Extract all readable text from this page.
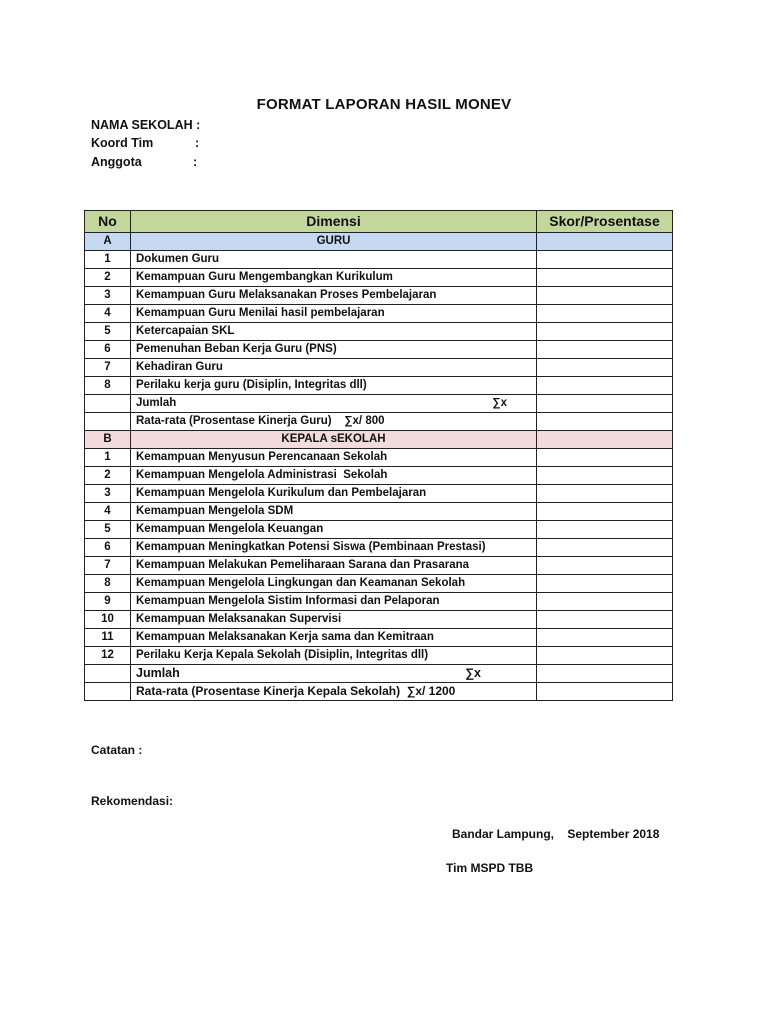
FORMAT LAPORAN HASIL MONEV
NAMA SEKOLAH :
Koord Tim	:
Anggota	:
No	Dimensi	Skor/Prosentase
A	GURU	
1	Dokumen Guru	
2	Kemampuan Guru Mengembangkan Kurikulum	
3	Kemampuan Guru Melaksanakan Proses Pembelajaran	
4	Kemampuan Guru Menilai hasil pembelajaran	
5	Ketercapaian SKL	
6	Pemenuhan Beban Kerja Guru (PNS)	
7	Kehadiran Guru	
8	Perilaku kerja guru (Disiplin, Integritas dll)	

	Jumlah ∑x	

	Rata-rata (Prosentase Kinerja Guru)    ∑x/ 800	
B	KEPALA sEKOLAH	
1	Kemampuan Menyusun Perencanaan Sekolah	
2	Kemampuan Mengelola Administrasi  Sekolah	
3	Kemampuan Mengelola Kurikulum dan Pembelajaran	
4	Kemampuan Mengelola SDM	
5	Kemampuan Mengelola Keuangan	
6	Kemampuan Meningkatkan Potensi Siswa (Pembinaan Prestasi)	
7	Kemampuan Melakukan Pemeliharaan Sarana dan Prasarana	
8	Kemampuan Mengelola Lingkungan dan Keamanan Sekolah	
9	Kemampuan Mengelola Sistim Informasi dan Pelaporan	
10	Kemampuan Melaksanakan Supervisi	
11	Kemampuan Melaksanakan Kerja sama dan Kemitraan	
12	Perilaku Kerja Kepala Sekolah (Disiplin, Integritas dll)	

	Jumlah ∑x	

	Rata-rata (Prosentase Kinerja Kepala Sekolah)  ∑x/ 1200	
Catatan :
Rekomendasi:
Bandar Lampung,    September 2018
Tim MSPD TBB
